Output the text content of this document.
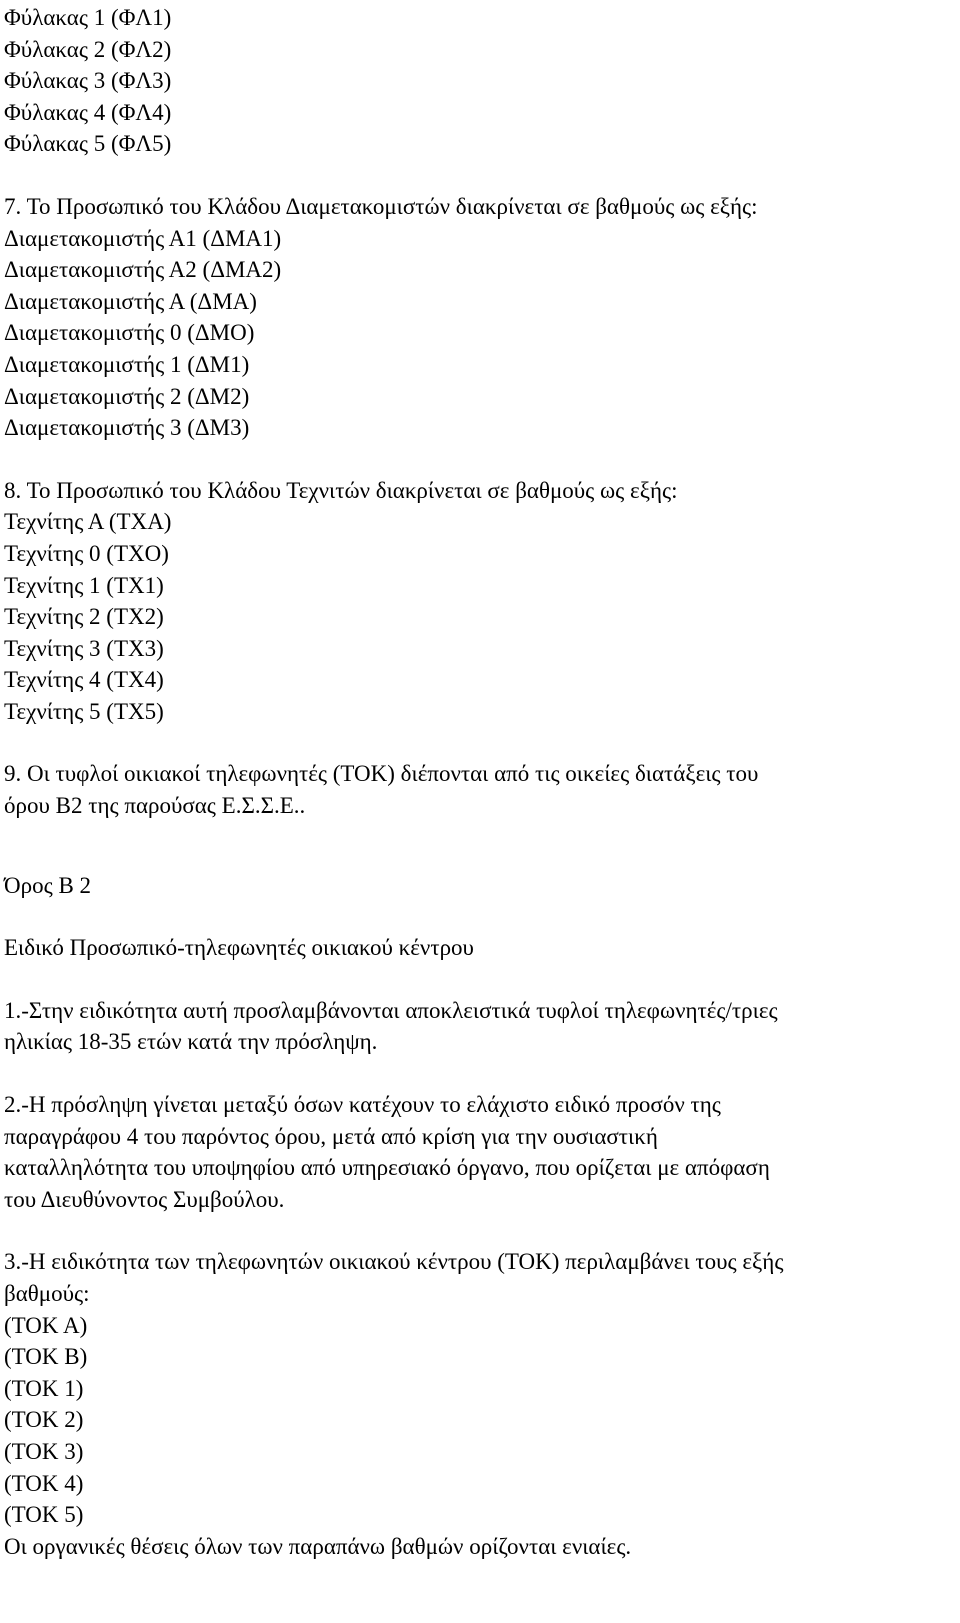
Φύλακας 1 (ΦΛ1)

Φύλακας 2 (ΦΛ2)

Φύλακας 3 (ΦΛ3)

Φύλακας 4 (ΦΛ4)

Φύλακας 5 (ΦΛ5)

7. Το Προσωπικό του Κλάδου Διαμετακομιστών διακρίνεται σε βαθμούς ως εξής:

Διαμετακομιστής Α1 (ΔΜΑ1)

Διαμετακομιστής Α2 (ΔΜΑ2)

Διαμετακομιστής Α (ΔΜΑ)

Διαμετακομιστής 0 (ΔΜΟ)

Διαμετακομιστής 1 (ΔΜ1)

Διαμετακομιστής 2 (ΔΜ2)

Διαμετακομιστής 3 (ΔΜ3)

8. Το Προσωπικό του Κλάδου Τεχνιτών διακρίνεται σε βαθμούς ως εξής:

Τεχνίτης Α (ΤΧΑ)

Τεχνίτης 0 (ΤΧΟ)

Τεχνίτης 1 (ΤΧ1)

Τεχνίτης 2 (ΤΧ2)

Τεχνίτης 3 (ΤΧ3)

Τεχνίτης 4 (ΤΧ4)

Τεχνίτης 5 (ΤΧ5)

9. Οι τυφλοί οικιακοί τηλεφωνητές (ΤΟΚ) διέπονται από τις οικείες διατάξεις του

όρου Β2 της παρούσας Ε.Σ.Σ.Ε..

Όρος Β 2

Ειδικό Προσωπικό-τηλεφωνητές οικιακού κέντρου

1.-Στην ειδικότητα αυτή προσλαμβάνονται αποκλειστικά τυφλοί τηλεφωνητές/τριες

ηλικίας 18-35 ετών κατά την πρόσληψη.

2.-Η πρόσληψη γίνεται μεταξύ όσων κατέχουν το ελάχιστο ειδικό προσόν της

παραγράφου 4 του παρόντος όρου, μετά από κρίση για την ουσιαστική

καταλληλότητα του υποψηφίου από υπηρεσιακό όργανο, που ορίζεται με απόφαση

του Διευθύνοντος Συμβούλου.

3.-Η ειδικότητα των τηλεφωνητών οικιακού κέντρου (ΤΟΚ) περιλαμβάνει τους εξής

βαθμούς:

(ΤΟΚ Α)

(ΤΟΚ Β)

(ΤΟΚ 1)

(ΤΟΚ 2)

(ΤΟΚ 3)

(ΤΟΚ 4)

(ΤΟΚ 5)

Οι οργανικές θέσεις όλων των παραπάνω βαθμών ορίζονται ενιαίες.
